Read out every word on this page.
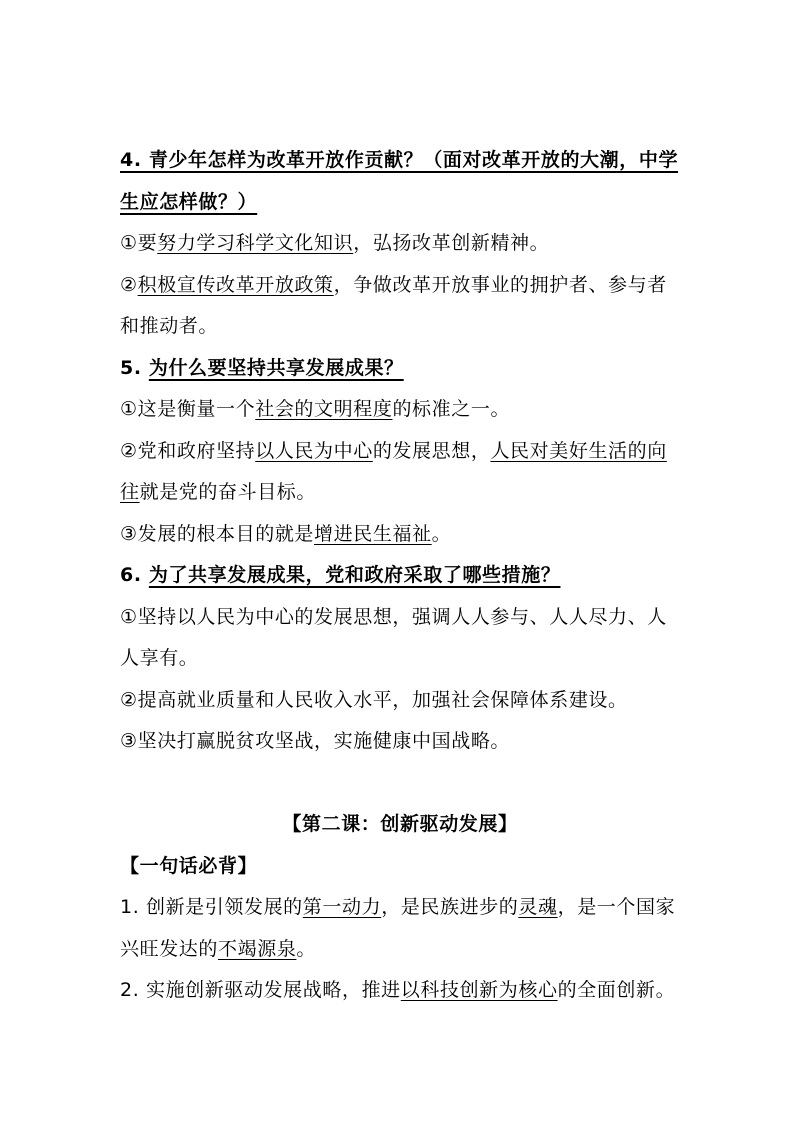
4. 青少年怎样为改革开放作贡献？（面对改革开放的大潮，中学
生应怎样做？）
①要努力学习科学文化知识，弘扬改革创新精神。
②积极宣传改革开放政策，争做改革开放事业的拥护者、参与者
和推动者。
5. 为什么要坚持共享发展成果？
①这是衡量一个社会的文明程度的标准之一。
②党和政府坚持以人民为中心的发展思想，人民对美好生活的向
往就是党的奋斗目标。
③发展的根本目的就是增进民生福祉。
6. 为了共享发展成果，党和政府采取了哪些措施？
①坚持以人民为中心的发展思想，强调人人参与、人人尽力、人
人享有。
②提高就业质量和人民收入水平，加强社会保障体系建设。
③坚决打赢脱贫攻坚战，实施健康中国战略。
【第二课：创新驱动发展】
【一句话必背】
1. 创新是引领发展的第一动力，是民族进步的灵魂，是一个国家
兴旺发达的不竭源泉。
2. 实施创新驱动发展战略，推进以科技创新为核心的全面创新。
